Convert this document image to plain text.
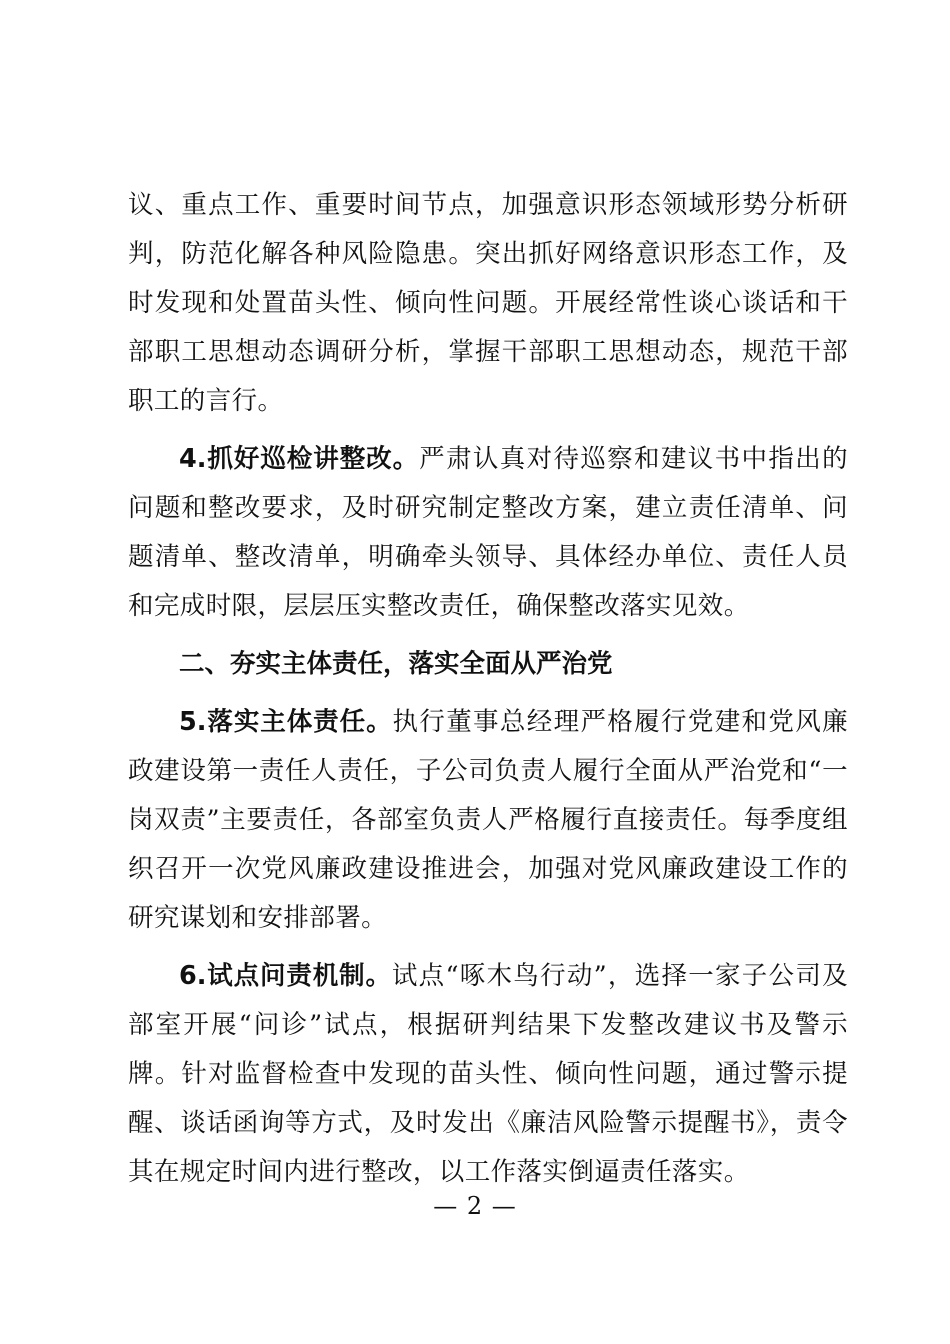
议、重点工作、重要时间节点，加强意识形态领域形势分析研判，防范化解各种风险隐患。突出抓好网络意识形态工作，及时发现和处置苗头性、倾向性问题。开展经常性谈心谈话和干部职工思想动态调研分析，掌握干部职工思想动态，规范干部职工的言行。

4.抓好巡检讲整改。严肃认真对待巡察和建议书中指出的问题和整改要求，及时研究制定整改方案，建立责任清单、问题清单、整改清单，明确牵头领导、具体经办单位、责任人员和完成时限，层层压实整改责任，确保整改落实见效。

二、夯实主体责任，落实全面从严治党

5.落实主体责任。执行董事总经理严格履行党建和党风廉政建设第一责任人责任，子公司负责人履行全面从严治党和“一岗双责”主要责任，各部室负责人严格履行直接责任。每季度组织召开一次党风廉政建设推进会，加强对党风廉政建设工作的研究谋划和安排部署。

6.试点问责机制。试点“啄木鸟行动”，选择一家子公司及部室开展“问诊”试点，根据研判结果下发整改建议书及警示牌。针对监督检查中发现的苗头性、倾向性问题，通过警示提醒、谈话函询等方式，及时发出《廉洁风险警示提醒书》，责令其在规定时间内进行整改，以工作落实倒逼责任落实。

— 2 —
